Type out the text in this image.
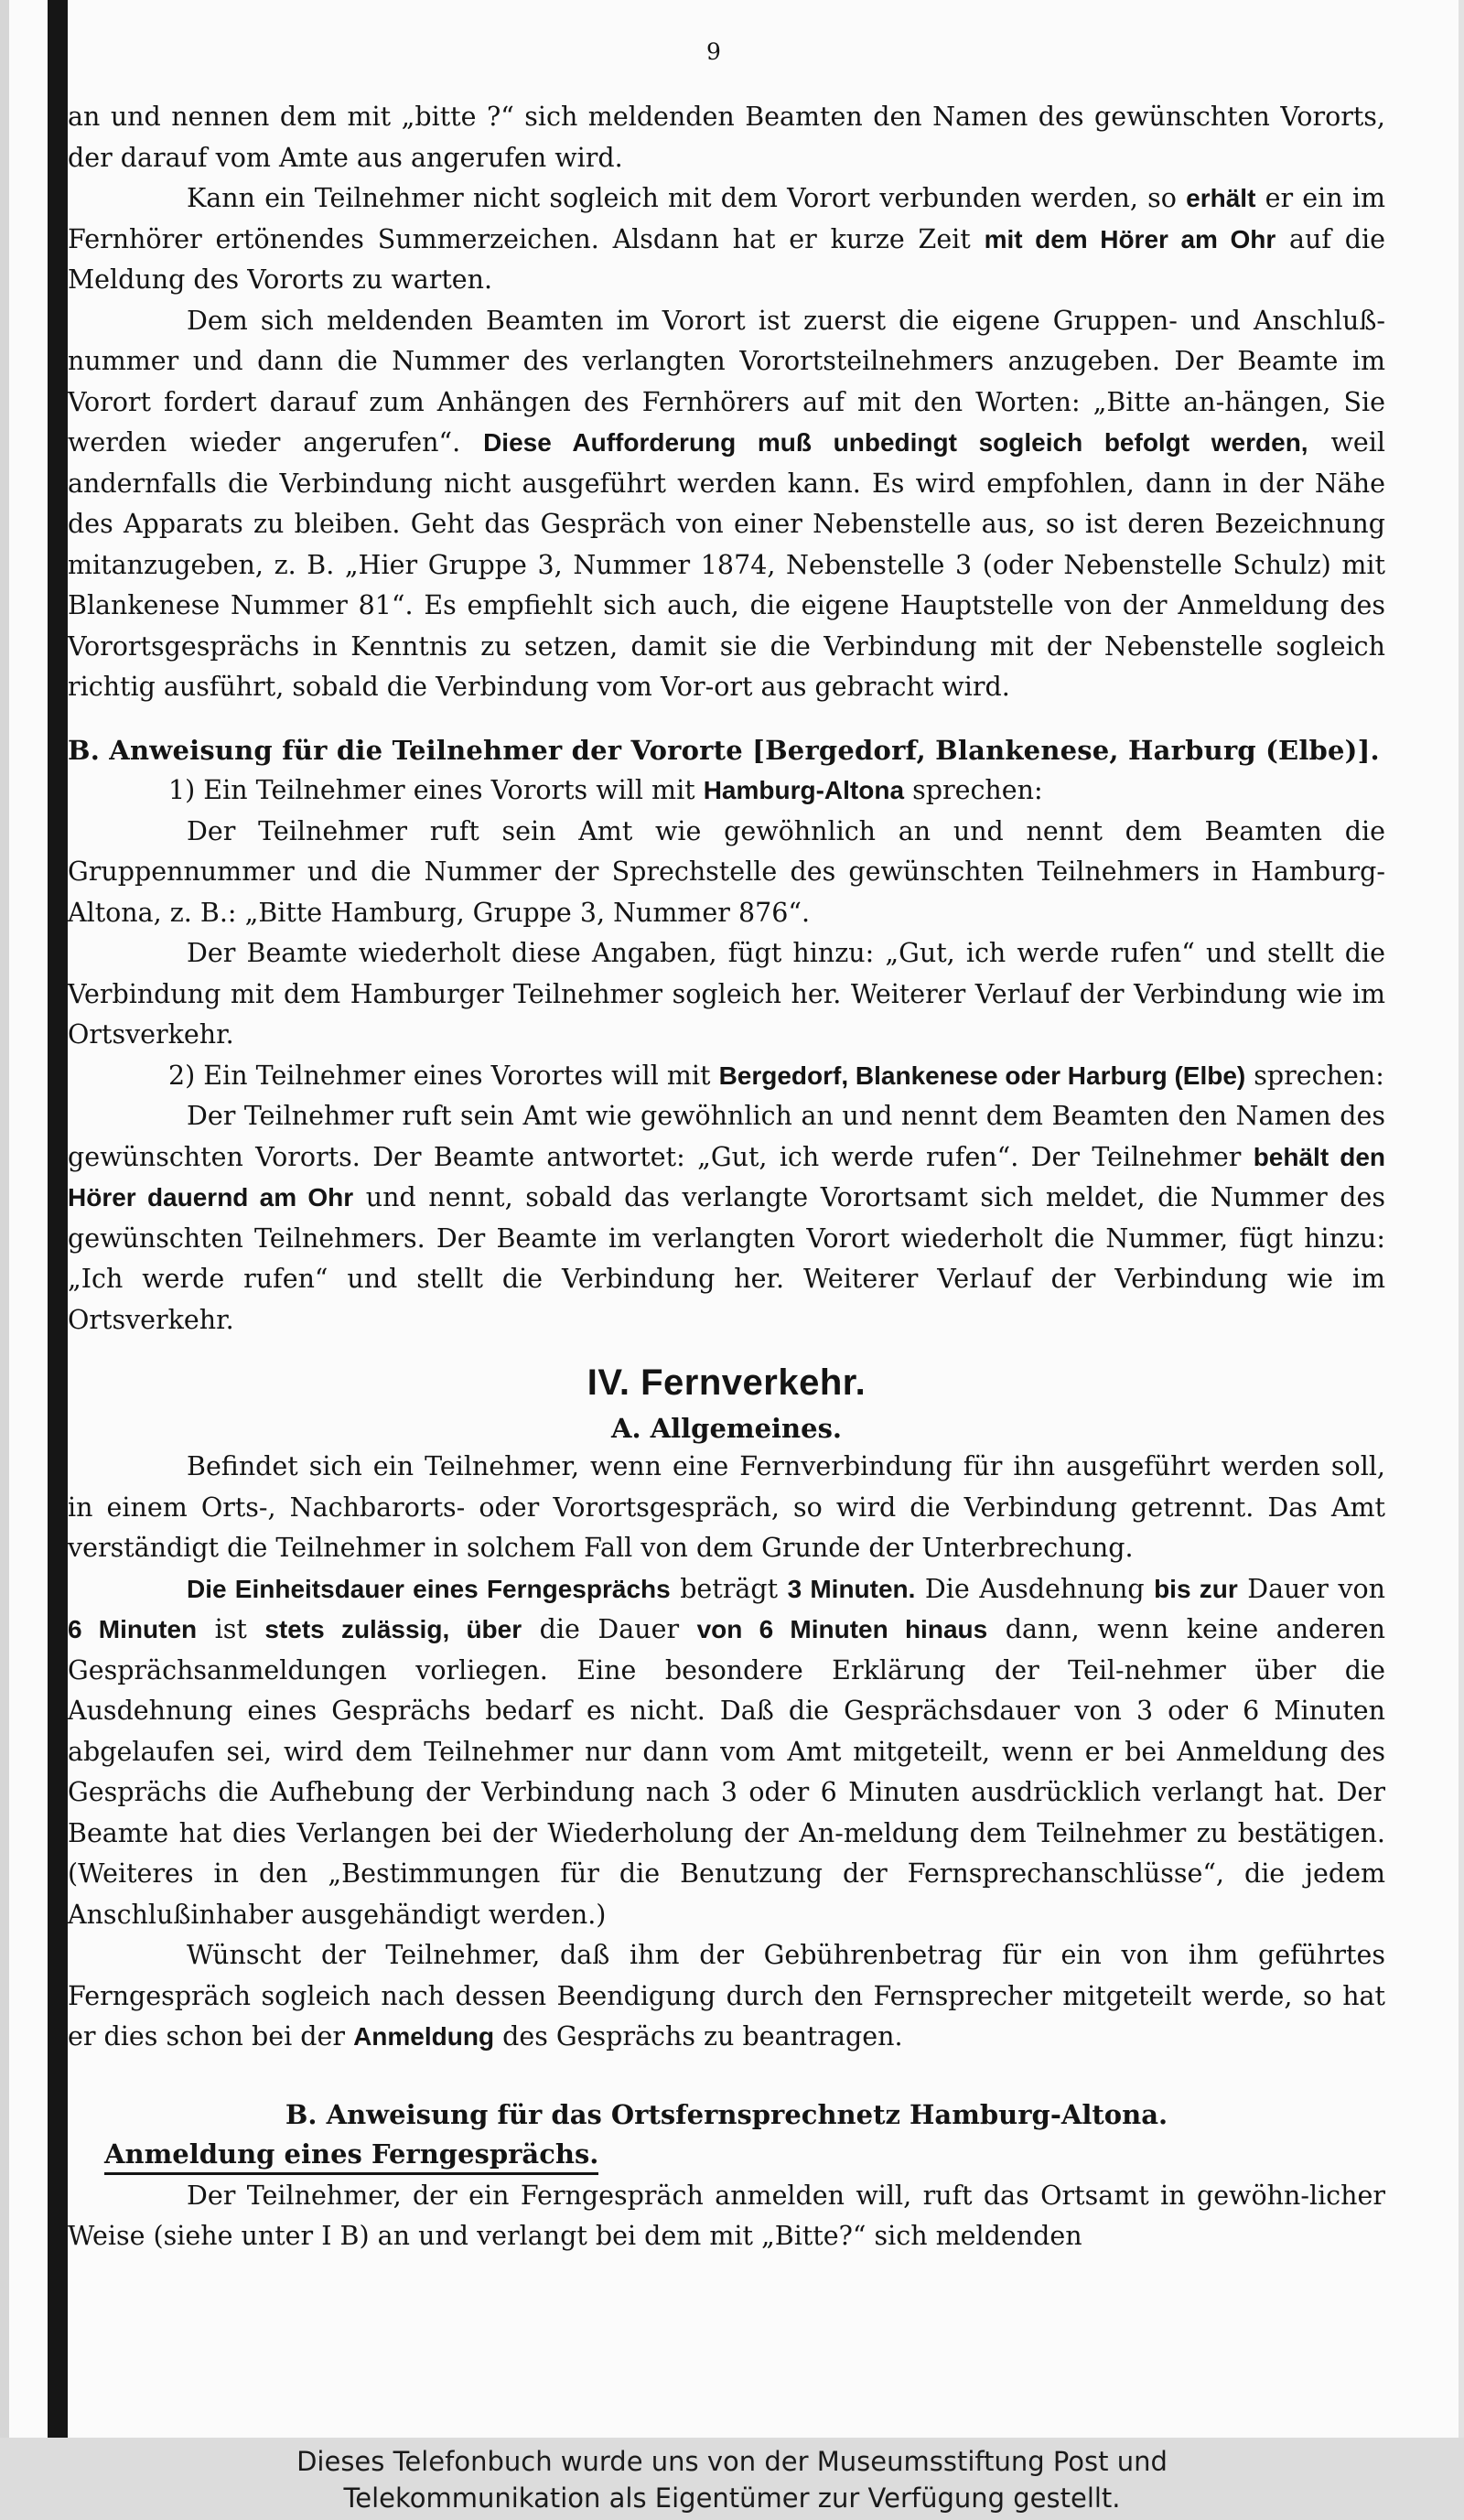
9

an und nennen dem mit „bitte ?“ sich meldenden Beamten den Namen des gewünschten Vororts, der darauf vom Amte aus angerufen wird.

Kann ein Teilnehmer nicht sogleich mit dem Vorort verbunden werden, so erhält er ein im Fernhörer ertönendes Summerzeichen. Alsdann hat er kurze Zeit mit dem Hörer am Ohr auf die Meldung des Vororts zu warten.

Dem sich meldenden Beamten im Vorort ist zuerst die eigene Gruppen- und Anschluß-nummer und dann die Nummer des verlangten Vorortsteilnehmers anzugeben. Der Beamte im Vorort fordert darauf zum Anhängen des Fernhörers auf mit den Worten: „Bitte an-hängen, Sie werden wieder angerufen“. Diese Aufforderung muß unbedingt sogleich befolgt werden, weil andernfalls die Verbindung nicht ausgeführt werden kann. Es wird empfohlen, dann in der Nähe des Apparats zu bleiben. Geht das Gespräch von einer Nebenstelle aus, so ist deren Bezeichnung mitanzugeben, z. B. „Hier Gruppe 3, Nummer 1874, Nebenstelle 3 (oder Nebenstelle Schulz) mit Blankenese Nummer 81“. Es empfiehlt sich auch, die eigene Hauptstelle von der Anmeldung des Vorortsgesprächs in Kenntnis zu setzen, damit sie die Verbindung mit der Nebenstelle sogleich richtig ausführt, sobald die Verbindung vom Vor-ort aus gebracht wird.

B. Anweisung für die Teilnehmer der Vororte [Bergedorf, Blankenese, Harburg (Elbe)].

1) Ein Teilnehmer eines Vororts will mit Hamburg-Altona sprechen:

Der Teilnehmer ruft sein Amt wie gewöhnlich an und nennt dem Beamten die Gruppennummer und die Nummer der Sprechstelle des gewünschten Teilnehmers in Hamburg-Altona, z. B.: „Bitte Hamburg, Gruppe 3, Nummer 876“.

Der Beamte wiederholt diese Angaben, fügt hinzu: „Gut, ich werde rufen“ und stellt die Verbindung mit dem Hamburger Teilnehmer sogleich her. Weiterer Verlauf der Verbindung wie im Ortsverkehr.

2) Ein Teilnehmer eines Vorortes will mit Bergedorf, Blankenese oder Harburg (Elbe) sprechen:

Der Teilnehmer ruft sein Amt wie gewöhnlich an und nennt dem Beamten den Namen des gewünschten Vororts. Der Beamte antwortet: „Gut, ich werde rufen“. Der Teilnehmer behält den Hörer dauernd am Ohr und nennt, sobald das verlangte Vorortsamt sich meldet, die Nummer des gewünschten Teilnehmers. Der Beamte im verlangten Vorort wiederholt die Nummer, fügt hinzu: „Ich werde rufen“ und stellt die Verbindung her. Weiterer Verlauf der Verbindung wie im Ortsverkehr.

IV. Fernverkehr.
A. Allgemeines.

Befindet sich ein Teilnehmer, wenn eine Fernverbindung für ihn ausgeführt werden soll, in einem Orts-, Nachbarorts- oder Vorortsgespräch, so wird die Verbindung getrennt. Das Amt verständigt die Teilnehmer in solchem Fall von dem Grunde der Unterbrechung.

Die Einheitsdauer eines Ferngesprächs beträgt 3 Minuten. Die Ausdehnung bis zur Dauer von 6 Minuten ist stets zulässig, über die Dauer von 6 Minuten hinaus dann, wenn keine anderen Gesprächsanmeldungen vorliegen. Eine besondere Erklärung der Teil-nehmer über die Ausdehnung eines Gesprächs bedarf es nicht. Daß die Gesprächsdauer von 3 oder 6 Minuten abgelaufen sei, wird dem Teilnehmer nur dann vom Amt mitgeteilt, wenn er bei Anmeldung des Gesprächs die Aufhebung der Verbindung nach 3 oder 6 Minuten ausdrücklich verlangt hat. Der Beamte hat dies Verlangen bei der Wiederholung der An-meldung dem Teilnehmer zu bestätigen. (Weiteres in den „Bestimmungen für die Benutzung der Fernsprechanschlüsse“, die jedem Anschlußinhaber ausgehändigt werden.)

Wünscht der Teilnehmer, daß ihm der Gebührenbetrag für ein von ihm geführtes Ferngespräch sogleich nach dessen Beendigung durch den Fernsprecher mitgeteilt werde, so hat er dies schon bei der Anmeldung des Gesprächs zu beantragen.

B. Anweisung für das Ortsfernsprechnetz Hamburg-Altona.
Anmeldung eines Ferngesprächs.

Der Teilnehmer, der ein Ferngespräch anmelden will, ruft das Ortsamt in gewöhn-licher Weise (siehe unter I B) an und verlangt bei dem mit „Bitte?“ sich meldenden

Dieses Telefonbuch wurde uns von der Museumsstiftung Post und
Telekommunikation als Eigentümer zur Verfügung gestellt.
